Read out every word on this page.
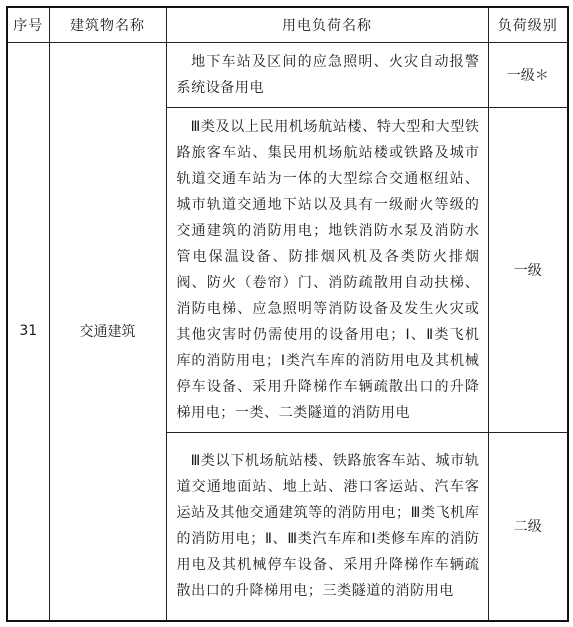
序号	建筑物名称	用电负荷名称	负荷级别
31	交通建筑	地下车站及区间的应急照明、火灾自动报警系统设备用电	一级＊
		Ⅲ类及以上民用机场航站楼、特大型和大型铁路旅客车站、集民用机场航站楼或铁路及城市轨道交通车站为一体的大型综合交通枢纽站、城市轨道交通地下站以及具有一级耐火等级的交通建筑的消防用电；地铁消防水泵及消防水管电保温设备、防排烟风机及各类防火排烟阀、防火（卷帘）门、消防疏散用自动扶梯、消防电梯、应急照明等消防设备及发生火灾或其他灾害时仍需使用的设备用电；Ⅰ、Ⅱ类飞机库的消防用电；Ⅰ类汽车库的消防用电及其机械停车设备、采用升降梯作车辆疏散出口的升降梯用电；一类、二类隧道的消防用电	一级
		Ⅲ类以下机场航站楼、铁路旅客车站、城市轨道交通地面站、地上站、港口客运站、汽车客运站及其他交通建筑等的消防用电；Ⅲ类飞机库的消防用电；Ⅱ、Ⅲ类汽车库和Ⅰ类修车库的消防用电及其机械停车设备、采用升降梯作车辆疏散出口的升降梯用电；三类隧道的消防用电	二级
